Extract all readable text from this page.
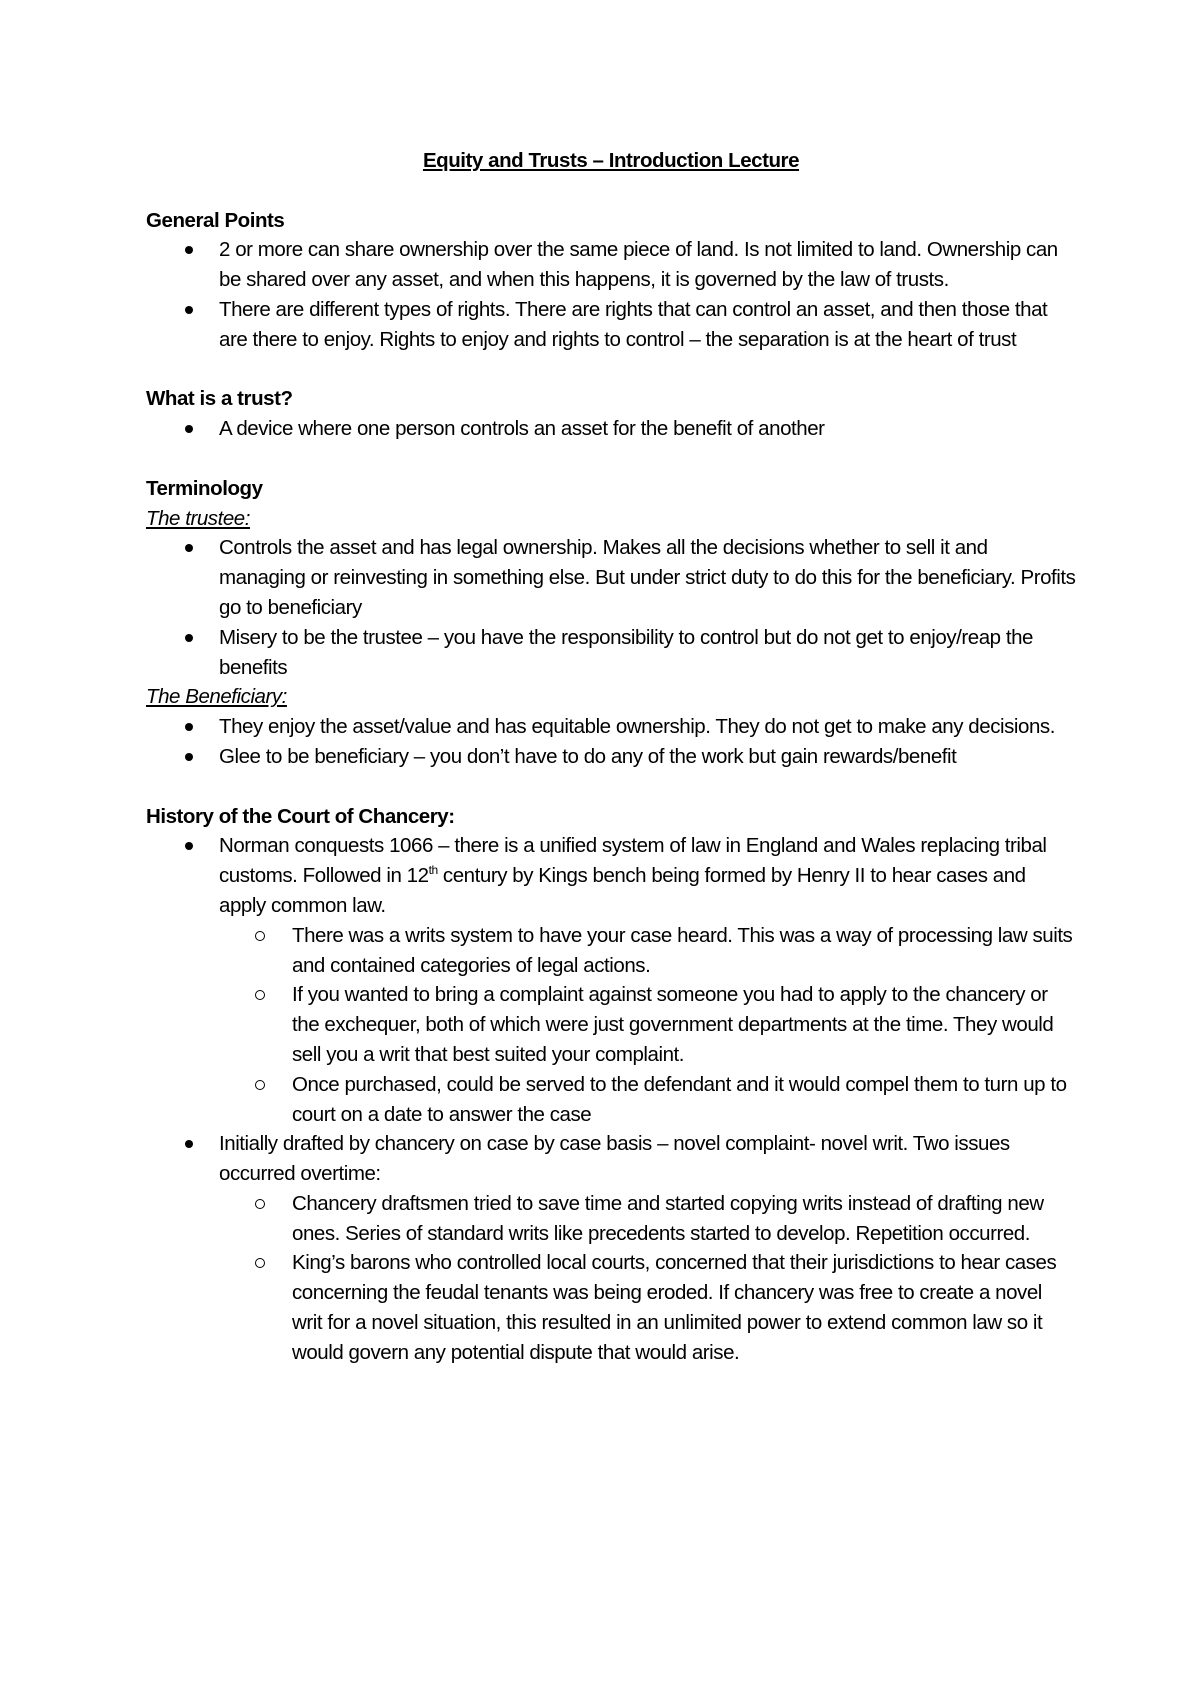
Equity and Trusts – Introduction Lecture

General Points

2 or more can share ownership over the same piece of land. Is not limited to land. Ownership can be shared over any asset, and when this happens, it is governed by the law of trusts.
There are different types of rights. There are rights that can control an asset, and then those that are there to enjoy. Rights to enjoy and rights to control – the separation is at the heart of trust

What is a trust?

A device where one person controls an asset for the benefit of another

Terminology

The trustee:

Controls the asset and has legal ownership. Makes all the decisions whether to sell it and managing or reinvesting in something else. But under strict duty to do this for the beneficiary. Profits go to beneficiary
Misery to be the trustee – you have the responsibility to control but do not get to enjoy/reap the benefits

The Beneficiary:

They enjoy the asset/value and has equitable ownership. They do not get to make any decisions.
Glee to be beneficiary – you don’t have to do any of the work but gain rewards/benefit

History of the Court of Chancery:

Norman conquests 1066 – there is a unified system of law in England and Wales replacing tribal customs. Followed in 12th century by Kings bench being formed by Henry II to hear cases and apply common law.
There was a writs system to have your case heard. This was a way of processing law suits and contained categories of legal actions.
If you wanted to bring a complaint against someone you had to apply to the chancery or the exchequer, both of which were just government departments at the time. They would sell you a writ that best suited your complaint.
Once purchased, could be served to the defendant and it would compel them to turn up to court on a date to answer the case
Initially drafted by chancery on case by case basis – novel complaint- novel writ. Two issues occurred overtime:
Chancery draftsmen tried to save time and started copying writs instead of drafting new ones. Series of standard writs like precedents started to develop. Repetition occurred.
King’s barons who controlled local courts, concerned that their jurisdictions to hear cases concerning the feudal tenants was being eroded. If chancery was free to create a novel writ for a novel situation, this resulted in an unlimited power to extend common law so it would govern any potential dispute that would arise.
